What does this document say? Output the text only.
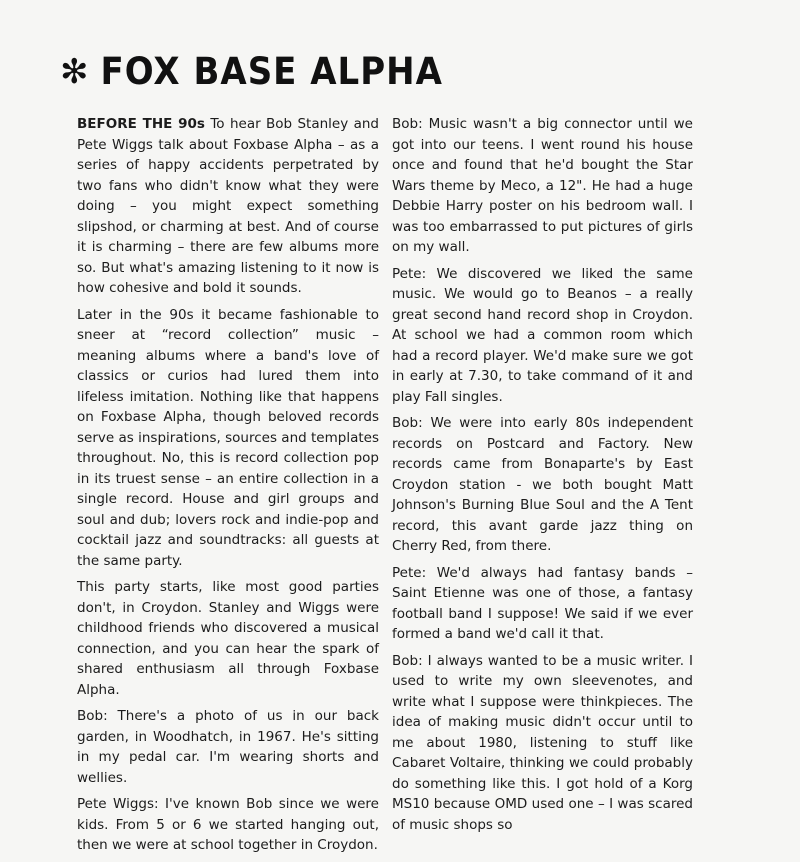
✻ FOX BASE ALPHA

BEFORE THE 90s To hear Bob Stanley and Pete Wiggs talk about Foxbase Alpha – as a series of happy accidents perpetrated by two fans who didn't know what they were doing – you might expect something slipshod, or charming at best. And of course it is charming – there are few albums more so. But what's amazing listening to it now is how cohesive and bold it sounds.

Later in the 90s it became fashionable to sneer at “record collection” music – meaning albums where a band's love of classics or curios had lured them into lifeless imitation. Nothing like that happens on Foxbase Alpha, though beloved records serve as inspirations, sources and templates throughout. No, this is record collection pop in its truest sense – an entire collection in a single record. House and girl groups and soul and dub; lovers rock and indie-pop and cocktail jazz and soundtracks: all guests at the same party.

This party starts, like most good parties don't, in Croydon. Stanley and Wiggs were childhood friends who discovered a musical connection, and you can hear the spark of shared enthusiasm all through Foxbase Alpha.

Bob: There's a photo of us in our back garden, in Woodhatch, in 1967. He's sitting in my pedal car. I'm wearing shorts and wellies.

Pete Wiggs: I've known Bob since we were kids. From 5 or 6 we started hanging out, then we were at school together in Croydon.

Bob: Music wasn't a big connector until we got into our teens. I went round his house once and found that he'd bought the Star Wars theme by Meco, a 12". He had a huge Debbie Harry poster on his bedroom wall. I was too embarrassed to put pictures of girls on my wall.

Pete: We discovered we liked the same music. We would go to Beanos – a really great second hand record shop in Croydon. At school we had a common room which had a record player. We'd make sure we got in early at 7.30, to take command of it and play Fall singles.

Bob: We were into early 80s independent records on Postcard and Factory. New records came from Bonaparte's by East Croydon station - we both bought Matt Johnson's Burning Blue Soul and the A Tent record, this avant garde jazz thing on Cherry Red, from there.

Pete: We'd always had fantasy bands – Saint Etienne was one of those, a fantasy football band I suppose! We said if we ever formed a band we'd call it that.

Bob: I always wanted to be a music writer. I used to write my own sleevenotes, and write what I suppose were thinkpieces. The idea of making music didn't occur until to me about 1980, listening to stuff like Cabaret Voltaire, thinking we could probably do something like this. I got hold of a Korg MS10 because OMD used one – I was scared of music shops so
